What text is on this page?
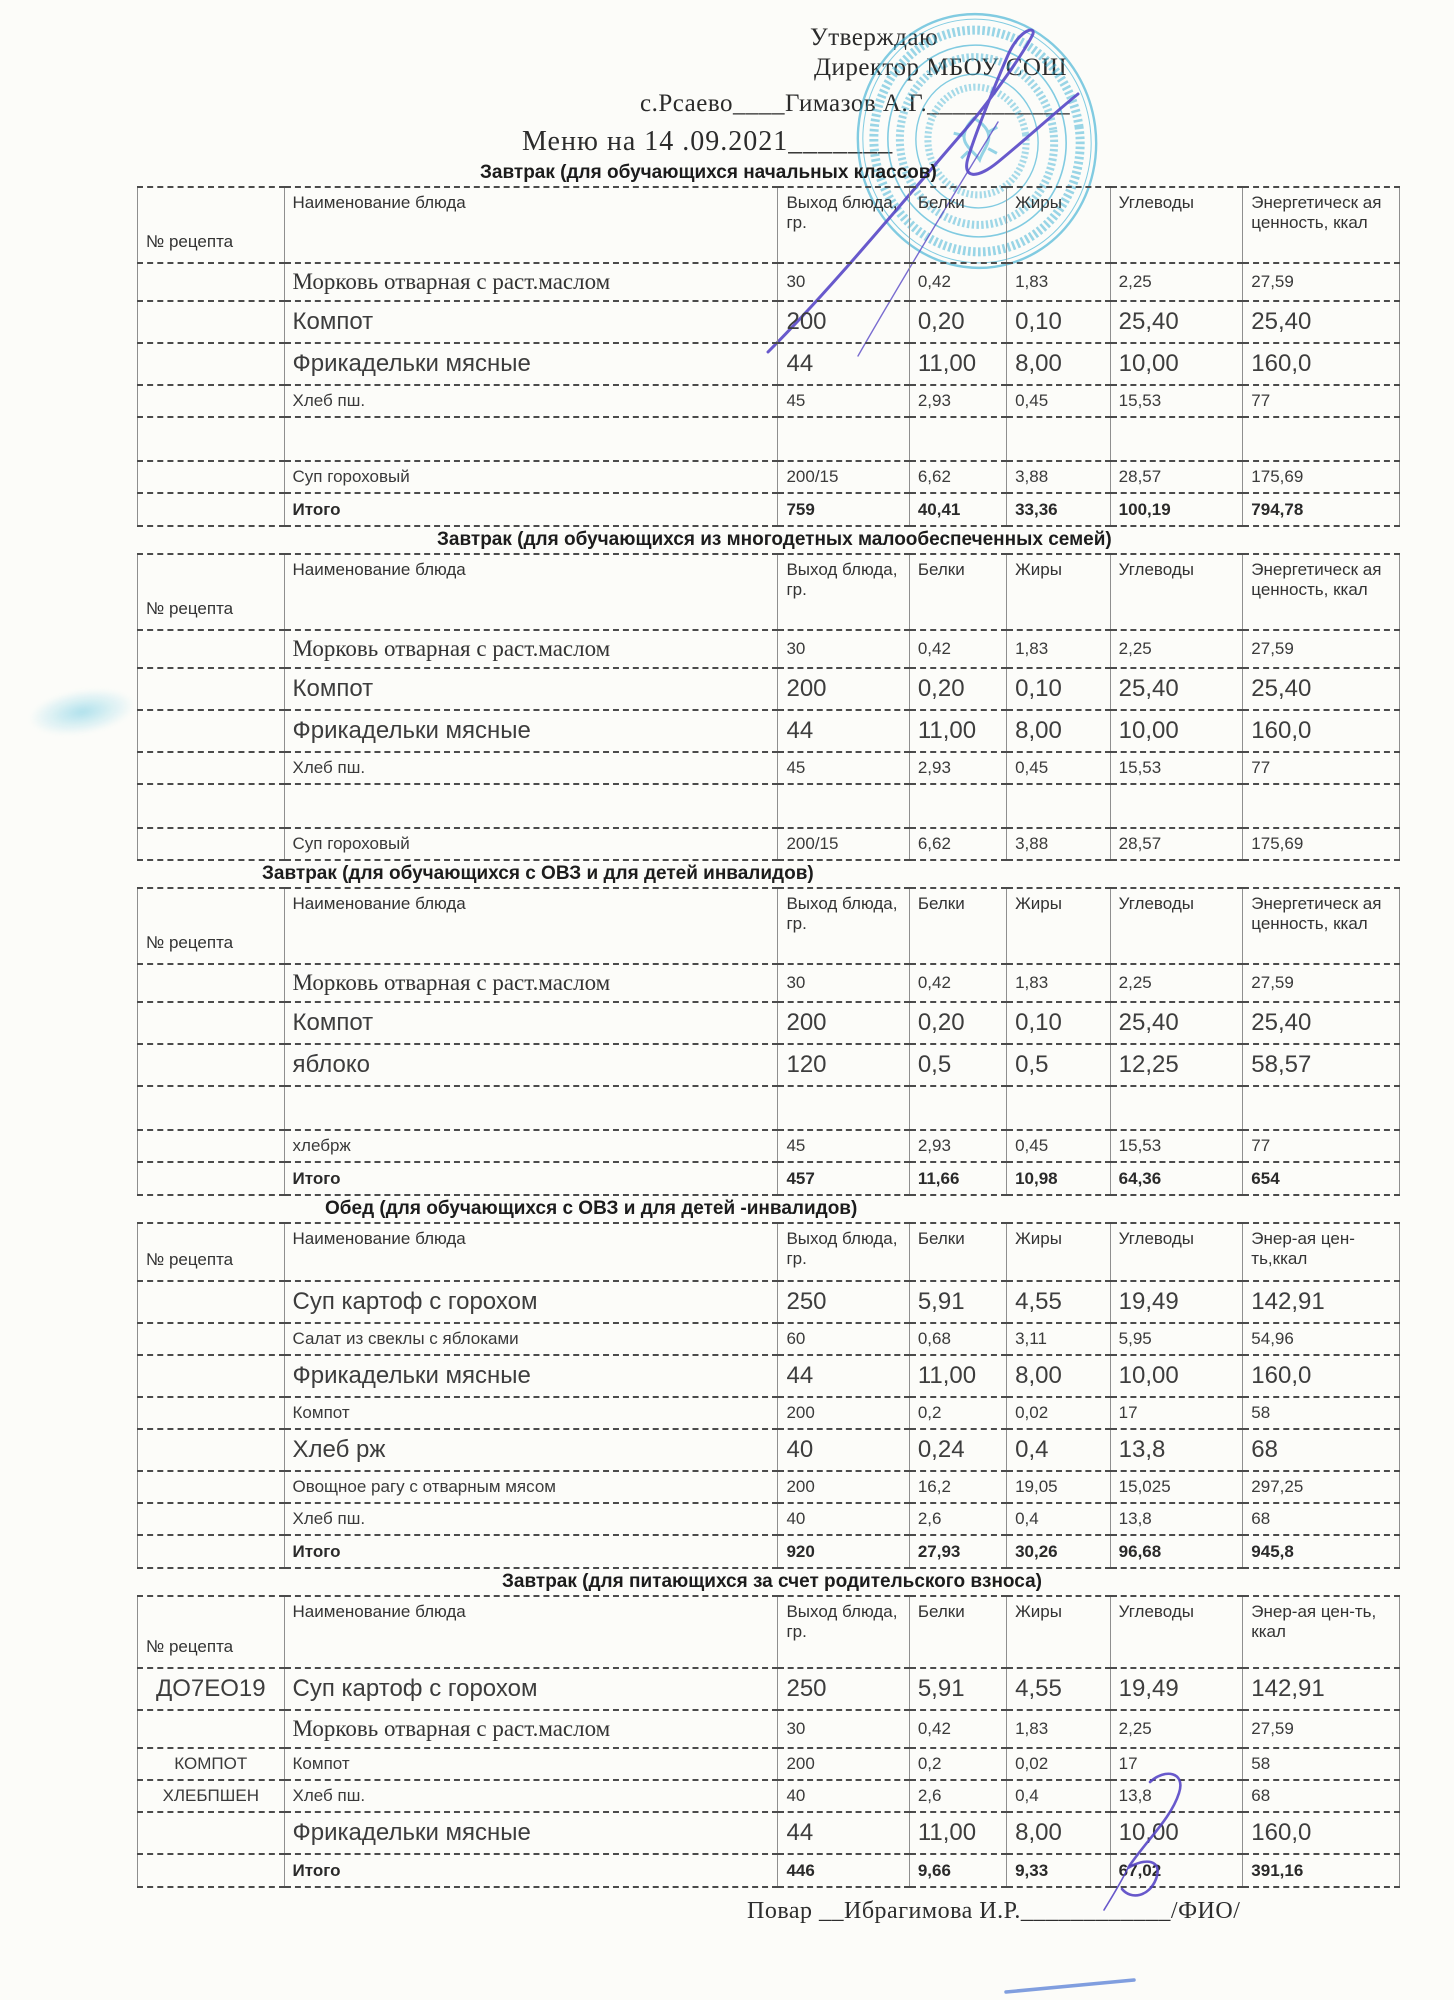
Утверждаю
Директор МБОУ СОШ
с.Рсаево____Гимазов А.Г.___________
Меню на 14 .09.2021_______
Завтрак (для обучающихся начальных классов)
№ рецепта	Наименование блюда	Выход блюда, гр.	Белки	Жиры	Углеводы	Энергетическ ая ценность, ккал
	Морковь отварная с раст.маслом	30	0,42	1,83	2,25	27,59
	Компот	200	0,20	0,10	25,40	25,40
	Фрикадельки мясные	44	11,00	8,00	10,00	160,0
	Хлеб пш.	45	2,93	0,45	15,53	77

	Суп гороховый	200/15	6,62	3,88	28,57	175,69
	Итого	759	40,41	33,36	100,19	794,78
Завтрак (для обучающихся из многодетных малообеспеченных семей)
№ рецепта	Наименование блюда	Выход блюда, гр.	Белки	Жиры	Углеводы	Энергетическ ая ценность, ккал
	Морковь отварная с раст.маслом	30	0,42	1,83	2,25	27,59
	Компот	200	0,20	0,10	25,40	25,40
	Фрикадельки мясные	44	11,00	8,00	10,00	160,0
	Хлеб пш.	45	2,93	0,45	15,53	77

	Суп гороховый	200/15	6,62	3,88	28,57	175,69
Завтрак (для обучающихся с ОВЗ и для детей инвалидов)
№ рецепта	Наименование блюда	Выход блюда, гр.	Белки	Жиры	Углеводы	Энергетическ ая ценность, ккал
	Морковь отварная с раст.маслом	30	0,42	1,83	2,25	27,59
	Компот	200	0,20	0,10	25,40	25,40
	яблоко	120	0,5	0,5	12,25	58,57

	хлебрж	45	2,93	0,45	15,53	77
	Итого	457	11,66	10,98	64,36	654
Обед (для обучающихся с ОВЗ и для детей -инвалидов)
№ рецепта	Наименование блюда	Выход блюда, гр.	Белки	Жиры	Углеводы	Энер-ая цен-ть,ккал
	Суп картоф с горохом	250	5,91	4,55	19,49	142,91
	Салат из свеклы с яблоками	60	0,68	3,11	5,95	54,96
	Фрикадельки мясные	44	11,00	8,00	10,00	160,0
	Компот	200	0,2	0,02	17	58
	Хлеб рж	40	0,24	0,4	13,8	68
	Овощное рагу с отварным мясом	200	16,2	19,05	15,025	297,25
	Хлеб пш.	40	2,6	0,4	13,8	68
	Итого	920	27,93	30,26	96,68	945,8
Завтрак (для питающихся за счет родительского взноса)
№ рецепта	Наименование блюда	Выход блюда, гр.	Белки	Жиры	Углеводы	Энер-ая цен-ть, ккал
ДО7ЕО19	Суп картоф с горохом	250	5,91	4,55	19,49	142,91
	Морковь отварная с раст.маслом	30	0,42	1,83	2,25	27,59
КОМПОТ	Компот	200	0,2	0,02	17	58
ХЛЕБПШЕН	Хлеб пш.	40	2,6	0,4	13,8	68
	Фрикадельки мясные	44	11,00	8,00	10,00	160,0
	Итого	446	9,66	9,33	67,02	391,16
Повар __Ибрагимова И.Р.____________/ФИО/
